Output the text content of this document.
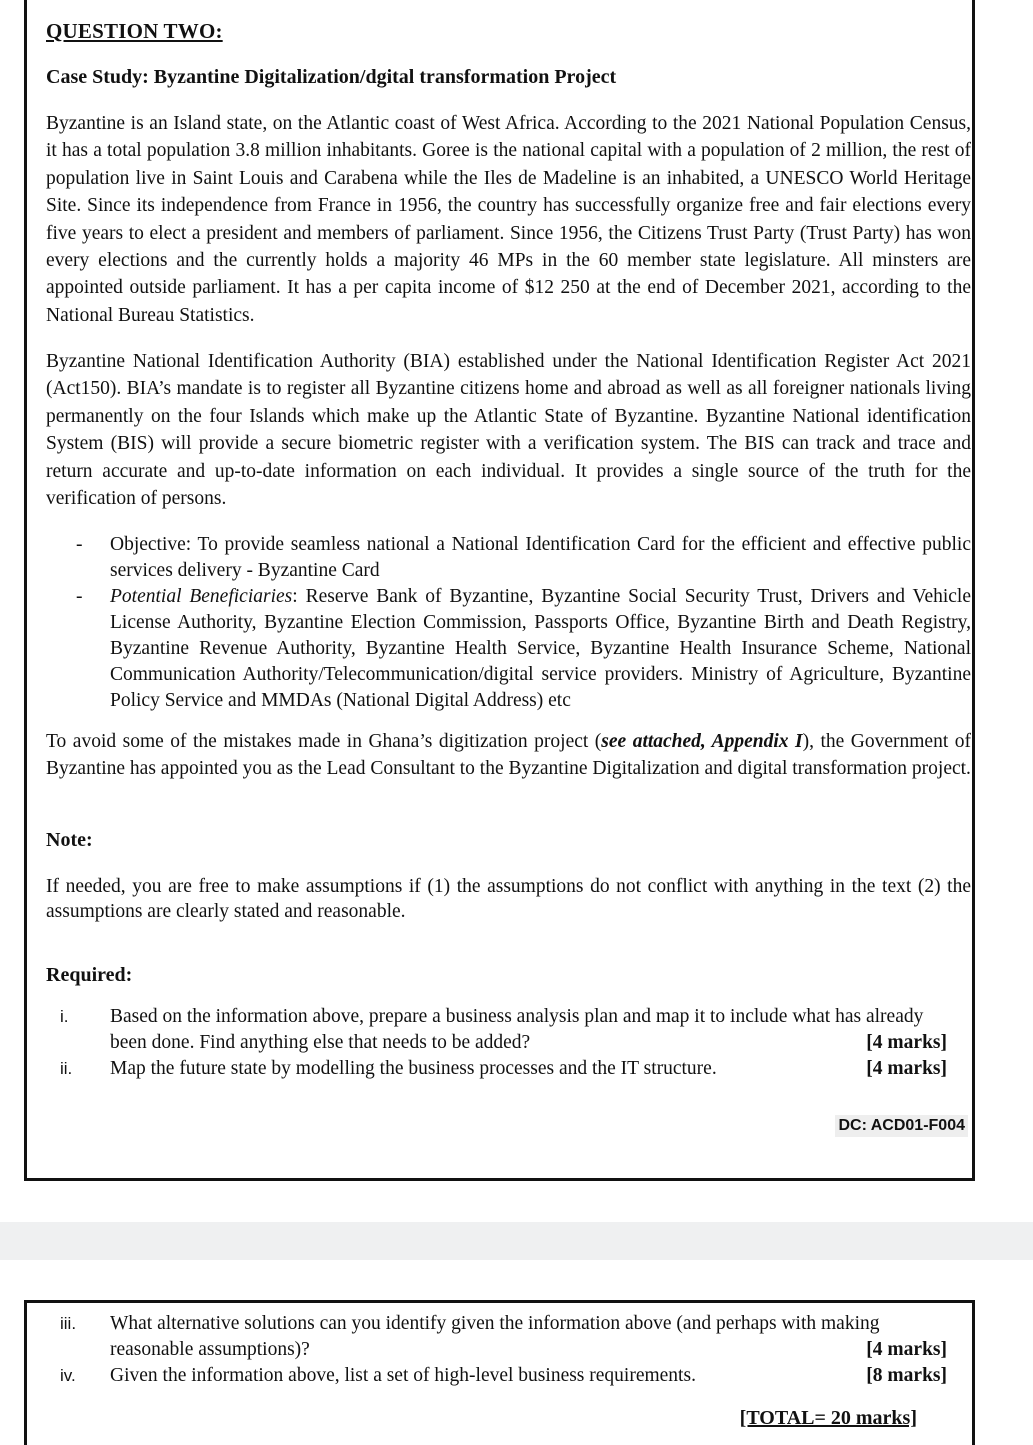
QUESTION TWO:
Case Study: Byzantine Digitalization/dgital transformation Project

Byzantine is an Island state, on the Atlantic coast of West Africa. According to the 2021 National Population Census, it has a total population 3.8 million inhabitants. Goree is the national capital with a population of 2 million, the rest of population live in Saint Louis and Carabena while the Iles de Madeline is an inhabited, a UNESCO World Heritage Site. Since its independence from France in 1956, the country has successfully organize free and fair elections every five years to elect a president and members of parliament. Since 1956, the Citizens Trust Party (Trust Party) has won every elections and the currently holds a majority 46 MPs in the 60 member state legislature. All minsters are appointed outside parliament. It has a per capita income of $12 250 at the end of December 2021, according to the National Bureau Statistics.

Byzantine National Identification Authority (BIA) established under the National Identification Register Act 2021 (Act150). BIA’s mandate is to register all Byzantine citizens home and abroad as well as all foreigner nationals living permanently on the four Islands which make up the Atlantic State of Byzantine. Byzantine National identification System (BIS) will provide a secure biometric register with a verification system. The BIS can track and trace and return accurate and up-to-date information on each individual. It provides a single source of the truth for the verification of persons.

- Objective: To provide seamless national a National Identification Card for the efficient and effective public services delivery - Byzantine Card
- Potential Beneficiaries: Reserve Bank of Byzantine, Byzantine Social Security Trust, Drivers and Vehicle License Authority, Byzantine Election Commission, Passports Office, Byzantine Birth and Death Registry, Byzantine Revenue Authority, Byzantine Health Service, Byzantine Health Insurance Scheme, National Communication Authority/Telecommunication/digital service providers. Ministry of Agriculture, Byzantine Policy Service and MMDAs (National Digital Address) etc

To avoid some of the mistakes made in Ghana’s digitization project (see attached, Appendix I), the Government of Byzantine has appointed you as the Lead Consultant to the Byzantine Digitalization and digital transformation project.

Note:

If needed, you are free to make assumptions if (1) the assumptions do not conflict with anything in the text (2) the assumptions are clearly stated and reasonable.

Required:
i. Based on the information above, prepare a business analysis plan and map it to include what has already
been done. Find anything else that needs to be added?	[4 marks]
ii. Map the future state by modelling the business processes and the IT structure.	[4 marks]
DC: ACD01-F004
iii. What alternative solutions can you identify given the information above (and perhaps with making
reasonable assumptions)?	[4 marks]
iv. Given the information above, list a set of high-level business requirements.	[8 marks]
[TOTAL= 20 marks]
